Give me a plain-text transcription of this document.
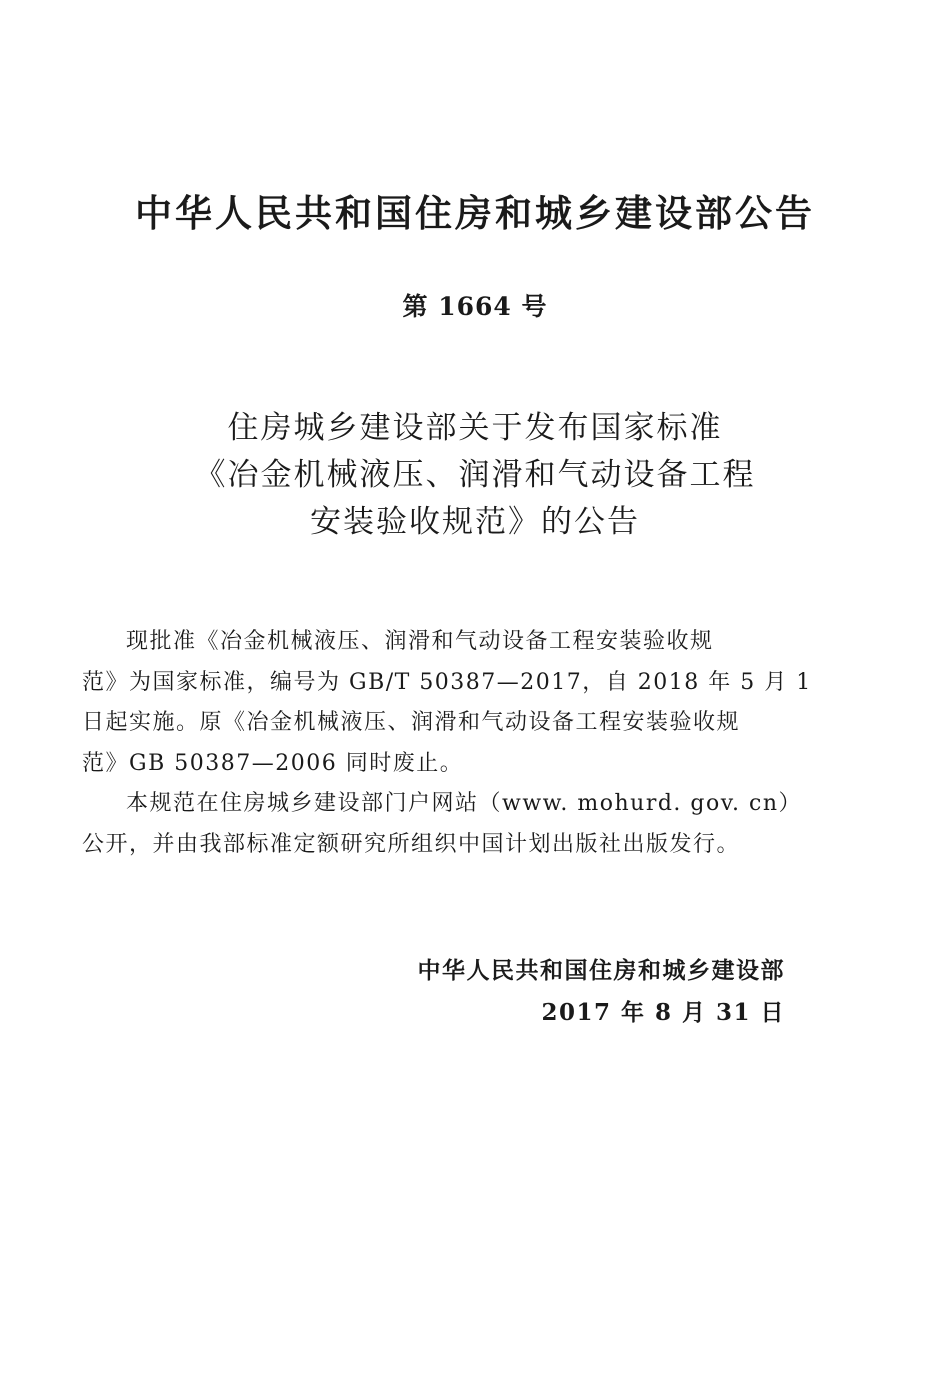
中华人民共和国住房和城乡建设部公告
第 1664 号
住房城乡建设部关于发布国家标准
《冶金机械液压、润滑和气动设备工程
安装验收规范》的公告
现批准《冶金机械液压、润滑和气动设备工程安装验收规
范》为国家标准，编号为 GB/T 50387—2017，自 2018 年 5 月 1
日起实施。原《冶金机械液压、润滑和气动设备工程安装验收规
范》GB 50387—2006 同时废止。
本规范在住房城乡建设部门户网站（www. mohurd. gov. cn）
公开，并由我部标准定额研究所组织中国计划出版社出版发行。
中华人民共和国住房和城乡建设部
2017 年 8 月 31 日
